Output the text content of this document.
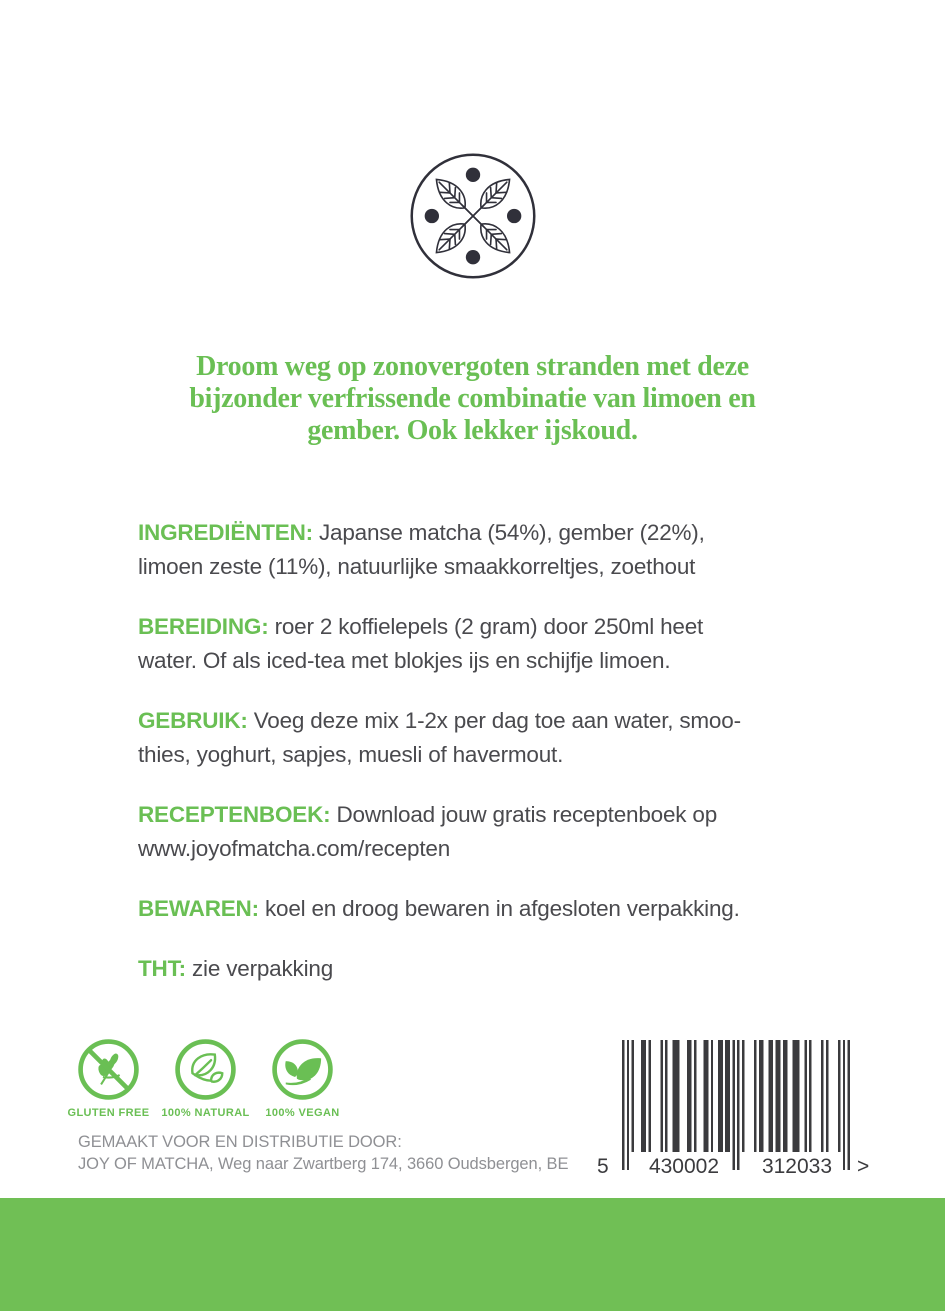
Droom weg op zonovergoten stranden met deze
bijzonder verfrissende combinatie van limoen en
gember. Ook lekker ijskoud.

INGREDIËNTEN: Japanse matcha (54%), gember (22%),
limoen zeste (11%), natuurlijke smaakkorreltjes, zoethout

BEREIDING: roer 2 koffielepels (2 gram) door 250ml heet
water. Of als iced-tea met blokjes ijs en schijfje limoen.

GEBRUIK: Voeg deze mix 1-2x per dag toe aan water, smoo-
thies, yoghurt, sapjes, muesli of havermout.

RECEPTENBOEK: Download jouw gratis receptenboek op
www.joyofmatcha.com/recepten

BEWAREN: koel en droog bewaren in afgesloten verpakking.

THT: zie verpakking

GLUTEN FREE	100% NATURAL	100% VEGAN
GEMAAKT VOOR EN DISTRIBUTIE DOOR:
JOY OF MATCHA, Weg naar Zwartberg 174, 3660 Oudsbergen, BE 5	430002	312033	>
